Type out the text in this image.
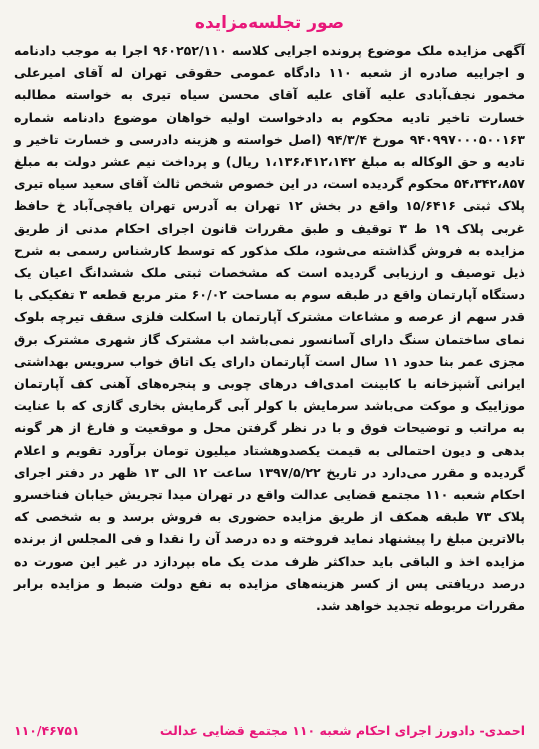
صور تجلسه‌مزایده

آگهی مزایده ملک موضوع پرونده اجرایی کلاسه ۹۶۰۲۵۲/۱۱۰ اجرا به موجب دادنامه و اجراییه صادره از شعبه ۱۱۰ دادگاه عمومی حقوقی تهران له آقای امیرعلی مخمور نجف‌آبادی علیه آقای علیه آقای محسن سیاه تیری به خواسته مطالبه خسارت تاخیر تادیه محکوم به دادخواست اولیه خواهان موضوع دادنامه شماره ۹۴۰۹۹۷۰۰۰۵۰۰۱۶۳ مورخ ۹۴/۳/۴ (اصل خواسته و هزینه دادرسی و خسارت تاخیر و تادیه و حق الوکاله به مبلغ ۱،۱۳۶،۴۱۲،۱۴۲ ریال) و پرداخت نیم عشر دولت به مبلغ ۵۴،۳۴۲،۸۵۷ محکوم گردیده است، در این خصوص شخص ثالث آقای سعید سیاه تیری پلاک ثبتی ۱۵/۶۴۱۶ واقع در بخش ۱۲ تهران به آدرس تهران یافچی‌آباد خ حافظ غربی پلاک ۱۹ ط ۳ توقیف و طبق مقررات قانون اجرای احکام مدنی از طریق مزایده به فروش گذاشته می‌شود، ملک مذکور که توسط کارشناس رسمی به شرح ذیل توصیف و ارزیابی گردیده است که مشخصات ثبتی ملک ششدانگ اعیان یک دستگاه آپارتمان واقع در طبقه سوم به مساحت ۶۰/۰۲ متر مربع قطعه ۳ تفکیکی با قدر سهم از عرصه و مشاعات مشترک آپارتمان با اسکلت فلزی سقف تیرچه بلوک نمای ساختمان سنگ دارای آسانسور نمی‌باشد اب مشترک گاز شهری مشترک برق مجزی عمر بنا حدود ۱۱ سال است آپارتمان دارای یک اتاق خواب سرویس بهداشتی ایرانی آشپزخانه با کابینت امدی‌اف درهای چوبی و پنجره‌های آهنی کف آپارتمان موزاییک و موکت می‌باشد سرمایش با کولر آبی گرمایش بخاری گازی که با عنایت به مراتب و توضیحات فوق و با در نظر گرفتن محل و موقعیت و فارغ از هر گونه بدهی و دیون احتمالی به قیمت یکصدوهشتاد میلیون تومان برآورد تقویم و اعلام گردیده و مقرر می‌دارد در تاریخ ۱۳۹۷/۵/۲۲ ساعت ۱۲ الی ۱۳ ظهر در دفتر اجرای احکام شعبه ۱۱۰ مجتمع قضایی عدالت واقع در تهران میدا تجریش خیابان فناخسرو پلاک ۷۳ طبقه همکف از طریق مزایده حضوری به فروش برسد و به شخصی که بالاترین مبلغ را پیشنهاد نماید فروخته و ده درصد آن را نقدا و فی المجلس از برنده مزایده اخذ و الباقی باید حداکثر ظرف مدت یک ماه بپردازد در غیر این صورت ده درصد دریافتی پس از کسر هزینه‌های مزایده به نفع دولت ضبط و مزایده برابر مقررات مربوطه تجدید خواهد شد.

احمدی- دادورز اجرای احکام شعبه ۱۱۰ مجتمع قضایی عدالت
۱۱۰/۴۶۷۵۱
